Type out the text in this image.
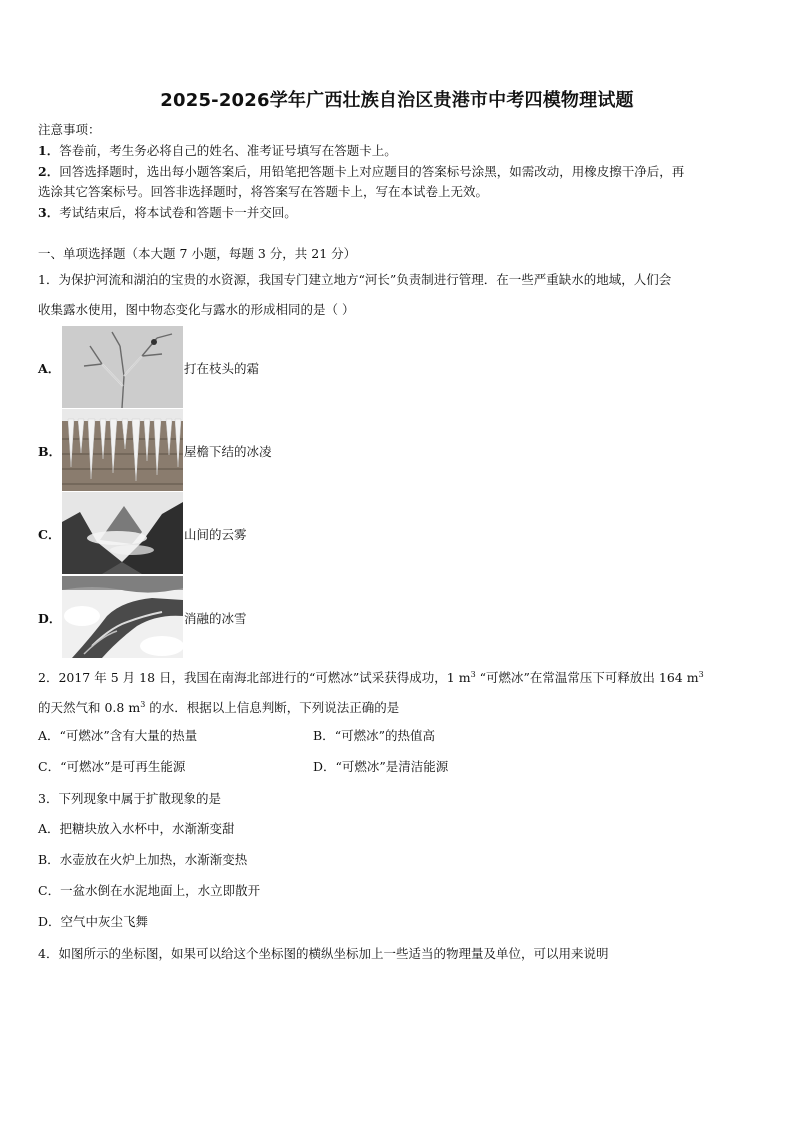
2025-2026学年广西壮族自治区贵港市中考四模物理试题
注意事项：
1．答卷前，考生务必将自己的姓名、准考证号填写在答题卡上。
2．回答选择题时，选出每小题答案后，用铅笔把答题卡上对应题目的答案标号涂黑，如需改动，用橡皮擦干净后，再
选涂其它答案标号。回答非选择题时，将答案写在答题卡上，写在本试卷上无效。
3．考试结束后，将本试卷和答题卡一并交回。
一、单项选择题（本大题 7 小题，每题 3 分，共 21 分）
1．为保护河流和湖泊的宝贵的水资源，我国专门建立地方“河长”负责制进行管理．在一些严重缺水的地域，人们会
收集露水使用，图中物态变化与露水的形成相同的是（ ）
A．	打在枝头的霜
B．	屋檐下结的冰凌
C．	山间的云雾
D．	消融的冰雪
2．2017 年 5 月 18 日，我国在南海北部进行的“可燃冰”试采获得成功，1 $m^3$ “可燃冰”在常温常压下可释放出 164 $m^3$
的天然气和 0.8 $m^3$ 的水．根据以上信息判断，下列说法正确的是
A．“可燃冰”含有大量的热量	B．“可燃冰”的热值高
C．“可燃冰”是可再生能源	D．“可燃冰”是清洁能源
3．下列现象中属于扩散现象的是
A．把糖块放入水杯中，水渐渐变甜
B．水壶放在火炉上加热，水渐渐变热
C．一盆水倒在水泥地面上，水立即散开
D．空气中灰尘飞舞
4．如图所示的坐标图，如果可以给这个坐标图的横纵坐标加上一些适当的物理量及单位，可以用来说明
